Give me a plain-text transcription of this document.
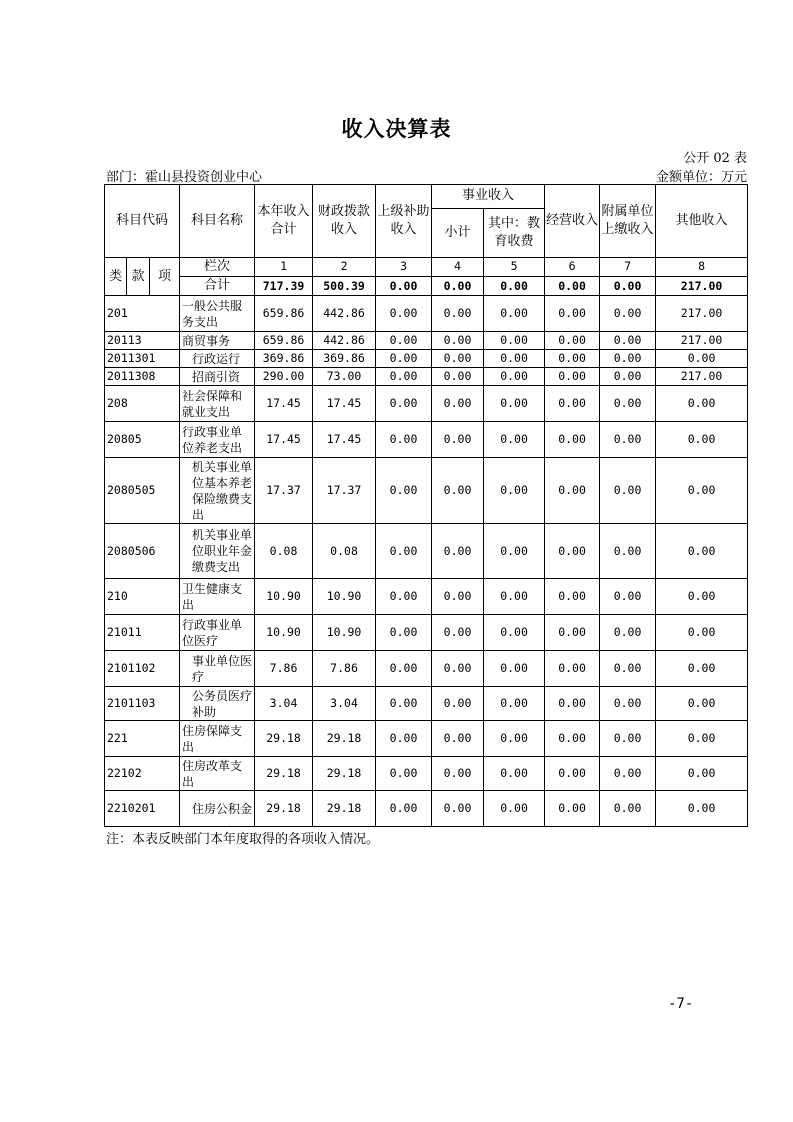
收入决算表
公开 02 表
部门：霍山县投资创业中心	金额单位：万元
科目代码			科目名称	本年收入合计	财政拨款收入	上级补助收入	事业收入		经营收入	附属单位上缴收入	其他收入
							小计	其中：教育收费			
类	款	项	栏次	1	2	3	4	5	6	7	8
			合计	717.39	500.39	0.00	0.00	0.00	0.00	0.00	217.00
201			一般公共服务支出	659.86	442.86	0.00	0.00	0.00	0.00	0.00	217.00
20113			商贸事务	659.86	442.86	0.00	0.00	0.00	0.00	0.00	217.00
2011301			行政运行	369.86	369.86	0.00	0.00	0.00	0.00	0.00	0.00
2011308			招商引资	290.00	73.00	0.00	0.00	0.00	0.00	0.00	217.00
208			社会保障和就业支出	17.45	17.45	0.00	0.00	0.00	0.00	0.00	0.00
20805			行政事业单位养老支出	17.45	17.45	0.00	0.00	0.00	0.00	0.00	0.00
2080505			机关事业单位基本养老保险缴费支出	17.37	17.37	0.00	0.00	0.00	0.00	0.00	0.00
2080506			机关事业单位职业年金缴费支出	0.08	0.08	0.00	0.00	0.00	0.00	0.00	0.00
210			卫生健康支出	10.90	10.90	0.00	0.00	0.00	0.00	0.00	0.00
21011			行政事业单位医疗	10.90	10.90	0.00	0.00	0.00	0.00	0.00	0.00
2101102			事业单位医疗	7.86	7.86	0.00	0.00	0.00	0.00	0.00	0.00
2101103			公务员医疗补助	3.04	3.04	0.00	0.00	0.00	0.00	0.00	0.00
221			住房保障支出	29.18	29.18	0.00	0.00	0.00	0.00	0.00	0.00
22102			住房改革支出	29.18	29.18	0.00	0.00	0.00	0.00	0.00	0.00
2210201			住房公积金	29.18	29.18	0.00	0.00	0.00	0.00	0.00	0.00
注：本表反映部门本年度取得的各项收入情况。
-7-
